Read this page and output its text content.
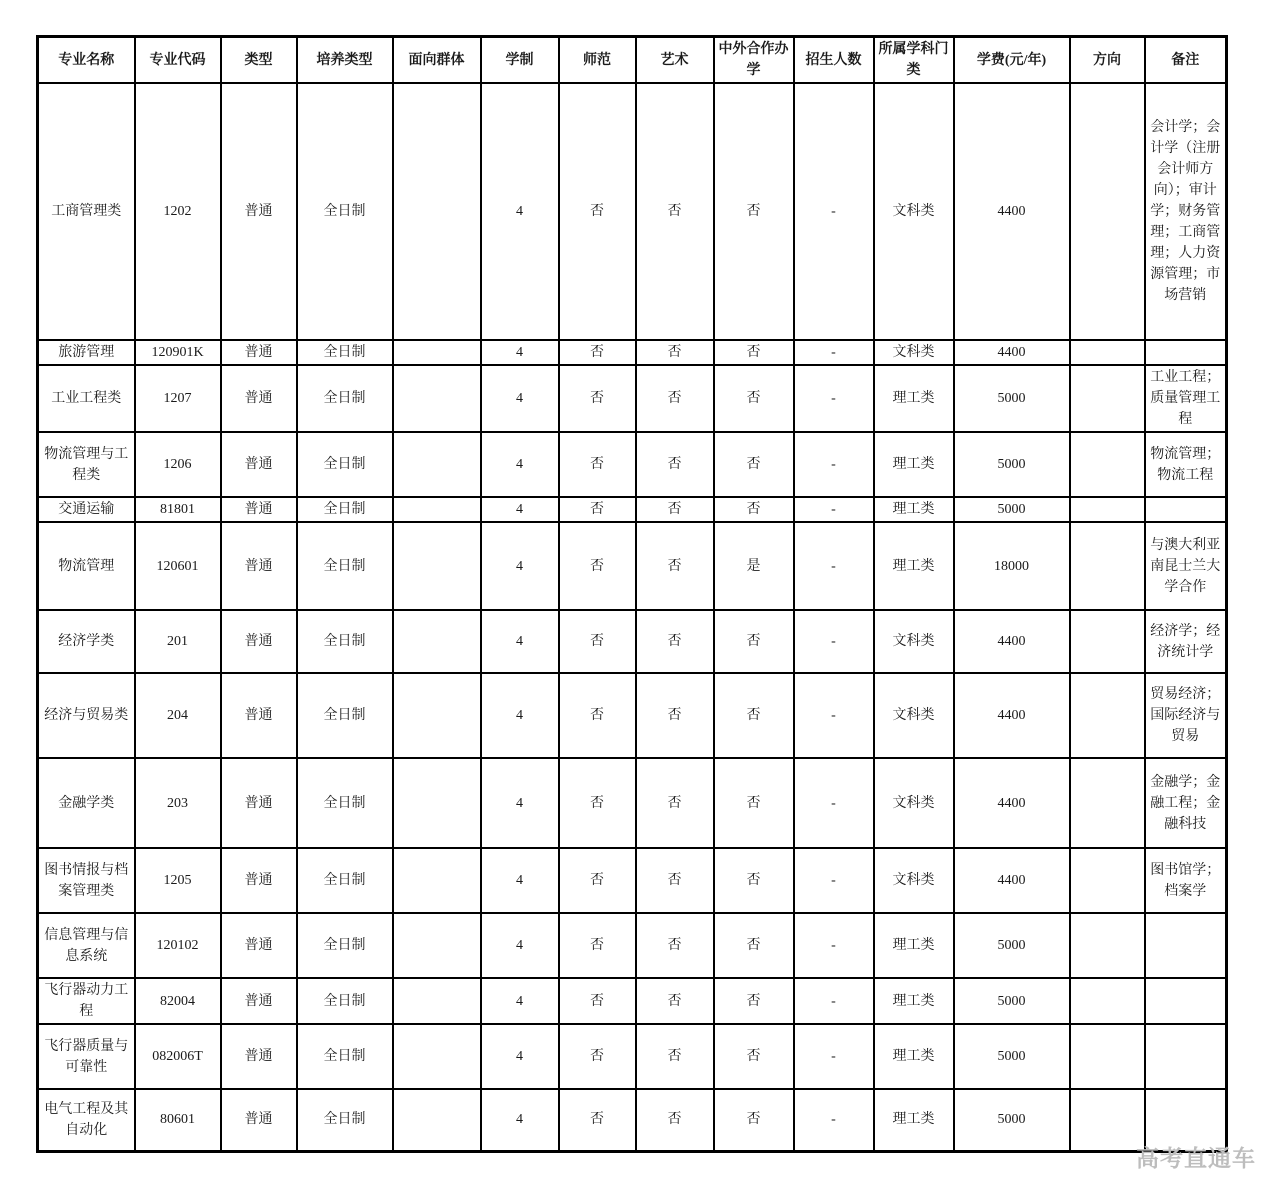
专业名称	专业代码	类型	培养类型	面向群体	学制	师范	艺术	中外合作办学	招生人数	所属学科门类	学费(元/年)	方向	备注
工商管理类	1202	普通	全日制		4	否	否	否	-	文科类	4400		会计学；会计学（注册会计师方向）；审计学；财务管理；工商管理；人力资源管理；市场营销
旅游管理	120901K	普通	全日制		4	否	否	否	-	文科类	4400		
工业工程类	1207	普通	全日制		4	否	否	否	-	理工类	5000		工业工程；质量管理工程
物流管理与工程类	1206	普通	全日制		4	否	否	否	-	理工类	5000		物流管理；物流工程
交通运输	81801	普通	全日制		4	否	否	否	-	理工类	5000		
物流管理	120601	普通	全日制		4	否	否	是	-	理工类	18000		与澳大利亚南昆士兰大学合作
经济学类	201	普通	全日制		4	否	否	否	-	文科类	4400		经济学；经济统计学
经济与贸易类	204	普通	全日制		4	否	否	否	-	文科类	4400		贸易经济；国际经济与贸易
金融学类	203	普通	全日制		4	否	否	否	-	文科类	4400		金融学；金融工程；金融科技
图书情报与档案管理类	1205	普通	全日制		4	否	否	否	-	文科类	4400		图书馆学；档案学
信息管理与信息系统	120102	普通	全日制		4	否	否	否	-	理工类	5000		
飞行器动力工程	82004	普通	全日制		4	否	否	否	-	理工类	5000		
飞行器质量与可靠性	082006T	普通	全日制		4	否	否	否	-	理工类	5000		
电气工程及其自动化	80601	普通	全日制		4	否	否	否	-	理工类	5000		
高考直通车
